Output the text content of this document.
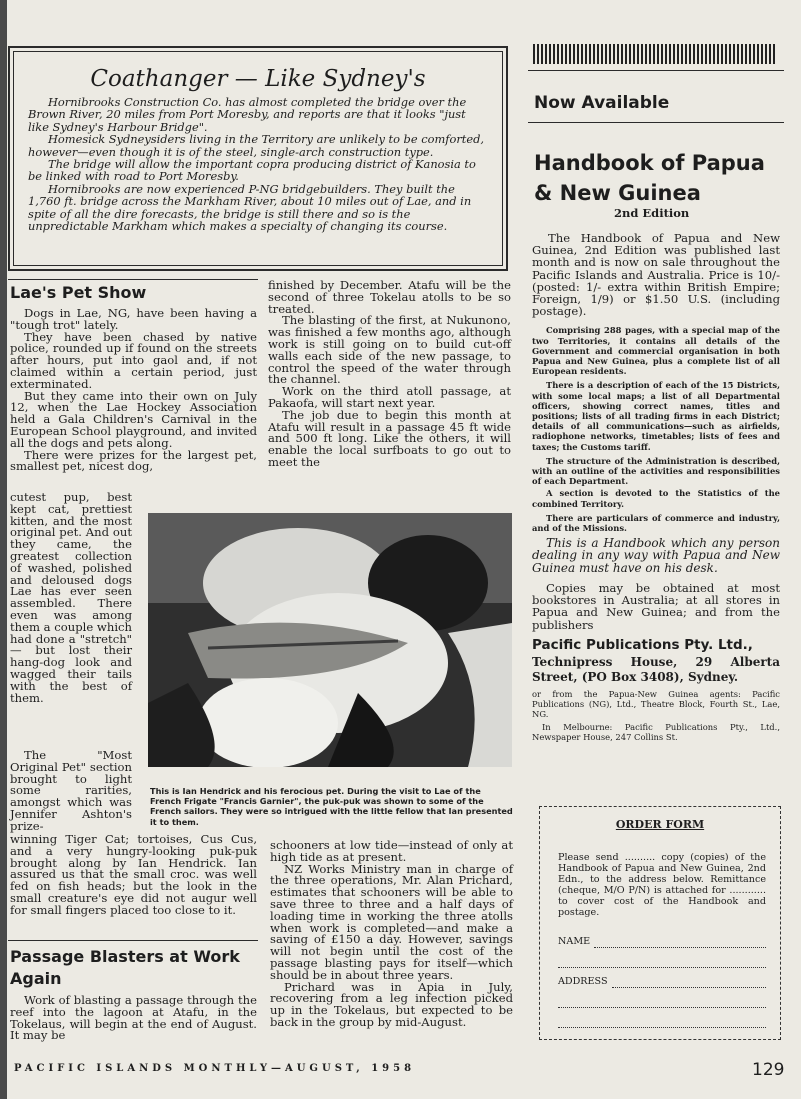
Coathanger — Like Sydney's

Hornibrooks Construction Co. has almost completed the bridge over the Brown River, 20 miles from Port Moresby, and reports are that it looks "just like Sydney's Harbour Bridge".
Homesick Sydneysiders living in the Territory are unlikely to be comforted, however—even though it is of the steel, single-arch construction type.
The bridge will allow the important copra producing district of Kanosia to be linked with road to Port Moresby.
Hornibrooks are now experienced P-NG bridgebuilders. They built the 1,760 ft. bridge across the Markham River, about 10 miles out of Lae, and in spite of all the dire forecasts, the bridge is still there and so is the unpredictable Markham which makes a specialty of changing its course.

Lae's Pet Show
Dogs in Lae, NG, have been having a "tough trot" lately.
They have been chased by native police, rounded up if found on the streets after hours, put into gaol and, if not claimed within a certain period, just exterminated.
But they came into their own on July 12, when the Lae Hockey Association held a Gala Children's Carnival in the European School playground, and invited all the dogs and pets along.
There were prizes for the largest pet, smallest pet, nicest dog,
cutest pup, best kept cat, prettiest kitten, and the most original pet. And out they came, the greatest collection of washed, polished and deloused dogs Lae has ever seen assembled. There even was among them a couple which had done a "stretch" — but lost their hang-dog look and wagged their tails with the best of them.
The "Most Original Pet" section brought to light some rarities, amongst which was Jennifer Ashton's prize-
winning Tiger Cat; tortoises, Cus Cus, and a very hungry-looking puk-puk brought along by Ian Hendrick. Ian assured us that the small croc. was well fed on fish heads; but the look in the small creature's eye did not augur well for small fingers placed too close to it.
Passage Blasters at Work Again
Work of blasting a passage through the reef into the lagoon at Atafu, in the Tokelaus, will begin at the end of August. It may be
finished by December. Atafu will be the second of three Tokelau atolls to be so treated.
The blasting of the first, at Nukunono, was finished a few months ago, although work is still going on to build cut-off walls each side of the new passage, to control the speed of the water through the channel.
Work on the third atoll passage, at Pakaofa, will start next year.
The job due to begin this month at Atafu will result in a passage 45 ft wide and 500 ft long. Like the others, it will enable the local surfboats to go out to meet the
This is Ian Hendrick and his ferocious pet. During the visit to Lae of the French Frigate "Francis Garnier", the puk-puk was shown to some of the French sailors. They were so intrigued with the little fellow that Ian presented it to them.
schooners at low tide—instead of only at high tide as at present.
NZ Works Ministry man in charge of the three operations, Mr. Alan Prichard, estimates that schooners will be able to save three to three and a half days of loading time in working the three atolls when work is completed—and make a saving of £150 a day. However, savings will not begin until the cost of the passage blasting pays for itself—which should be in about three years.
Prichard was in Apia in July, recovering from a leg infection picked up in the Tokelaus, but expected to be back in the group by mid-August.
Now Available
Handbook of Papua
& New Guinea
2nd Edition
The Handbook of Papua and New Guinea, 2nd Edition was published last month and is now on sale throughout the Pacific Islands and Australia. Price is 10/- (posted: 1/- extra within British Empire; Foreign, 1/9) or $1.50 U.S. (including postage).
Comprising 288 pages, with a special map of the two Territories, it contains all details of the Government and commercial organisation in both Papua and New Guinea, plus a complete list of all European residents.
There is a description of each of the 15 Districts, with some local maps; a list of all Departmental officers, showing correct names, titles and positions; lists of all trading firms in each District; details of all communications—such as airfields, radiophone networks, timetables; lists of fees and taxes; the Customs tariff.
The structure of the Administration is described, with an outline of the activities and responsibilities of each Department.
A section is devoted to the Statistics of the combined Territory.
There are particulars of commerce and industry, and of the Missions.
This is a Handbook which any person dealing in any way with Papua and New Guinea must have on his desk.
Copies may be obtained at most bookstores in Australia; at all stores in Papua and New Guinea; and from the publishers
Pacific Publications Pty. Ltd.,
Technipress House, 29 Alberta Street, (PO Box 3408), Sydney.
or from the Papua-New Guinea agents: Pacific Publications (NG), Ltd., Theatre Block, Fourth St., Lae, NG.
In Melbourne: Pacific Publications Pty., Ltd., Newspaper House, 247 Collins St.
ORDER FORM
Please send .......... copy (copies) of the Handbook of Papua and New Guinea, 2nd Edn., to the address below. Remittance (cheque, M/O P/N) is attached for ............ to cover cost of the Handbook and postage.
NAME
ADDRESS
PACIFIC ISLANDS MONTHLY—AUGUST, 1958	129
